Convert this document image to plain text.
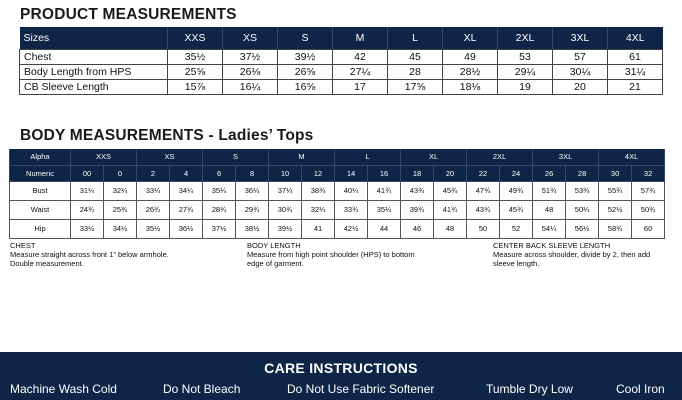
PRODUCT MEASUREMENTS
Sizes	XXS	XS	S	M	L	XL	2XL	3XL	4XL
Chest	35½	37½	39½	42	45	49	53	57	61
Body Length from HPS	25⅝	26⅛	26⅝	27¼	28	28½	29¼	30¼	31¼
CB Sleeve Length	15⅞	16¼	16⅝	17	17⅝	18⅛	19	20	21
BODY MEASUREMENTS - Ladies’ Tops
Alpha	XXS		XS		S		M		L		XL		2XL		3XL		4XL	
Numeric	00	0	2	4	6	8	10	12	14	16	18	20	22	24	26	28	30	32
Bust	31¼	32¼	33¼	34¼	35¼	36¼	37¼	38¾	40¼	41¾	43¾	45¾	47¾	49¾	51¾	53¾	55¾	57¾
Waist	24¾	25¾	26¾	27¾	28¾	29¾	30¾	32¼	33¾	35¼	39¾	41¾	43¾	45¾	48	50¼	52½	50¾
Hip	33½	34½	35½	36½	37½	38½	39½	41	42½	44	46	48	50	52	54¼	56½	58¾	60
CHEST
Measure straight across front 1” below armhole.
Double measurement.
BODY LENGTH
Measure from high point shoulder (HPS) to bottom
edge of garment.
CENTER BACK SLEEVE LENGTH
Measure across shoulder, divide by 2, then add
sleeve length.
CARE INSTRUCTIONS
Machine Wash Cold	Do Not Bleach	Do Not Use Fabric Softener	Tumble Dry Low	Cool Iron
